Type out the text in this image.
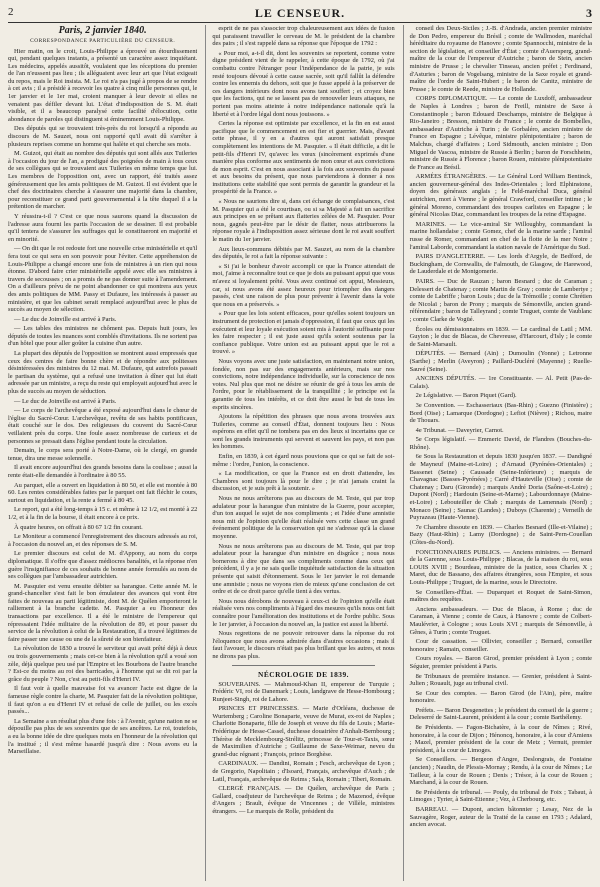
2	LE CENSEUR.	3
Paris, 2 janvier 1840.
CORRESPONDANCE PARTICULIÈRE DU CENSEUR.

Hier matin, on le croit, Louis-Philippe a éprouvé un étourdissement qui, pendant quelques instants, a présenté un caractère assez inquiétant. Les médecins, appelés aussitôt, voulaient que les réceptions du premier de l'an n'eussent pas lieu ; ils alléguaient avec leur art que l'état exigeait du repos, mais le Roi insista. M. Le roi n'a pas jugé à propos de se rendre à cet avis ; il a présidé à recevoir les quatre à cinq mille personnes qui, le 1er janvier et le 1er mai, croient manquer à leur devoir si elles ne venaient pas défiler devant lui. L'état d'indisposition de S. M. était visible, et il a beaucoup paralysé cette facilité d'élocution, cette abondance de paroles qui distinguent si éminemment Louis-Philippe.

Des députés qui se trouvaient très-près du roi lorsqu'il a répondu au discours de M. Sauzet, nous ont rapporté qu'il avait dû s'arrêter à plusieurs reprises comme un homme qui halète et qui cherche ses mots.

M. Guizot, qui était au nombre des députés qui sont allés aux Tuileries à l'occasion du jour de l'an, a prodigué des poignées de main à tous ceux de ses collègues qui se trouvaient aux Tuileries en même temps que lui. Les membres de l'opposition ont, avec un rapport, été traités assez généreusement que les amis politiques de M. Guizot. Il est évident que le chef des doctrinaires cherche à s'assurer une majorité dans la chambre, pour reconstituer ce grand parti gouvernemental à la tête duquel il a la prétention de marcher.

Y réussira-t-il ? C'est ce que nous saurons quand la discussion de l'adresse aura fourni les partis l'occasion de se dessiner. Il est probable qu'il tentera de s'assurer les suffrages qui le constitueront en majorité et en minorité.

— On dit que le roi redoute fort une nouvelle crise ministérielle et qu'il fera tout ce qui sera en son pouvoir pour l'éviter. Cette appréhension de Louis-Philippe a changé encore une fois de ministres à un rien qui nous étonne. D'abord faire crier ministérielle appelé avec elle ses ministres à travers de secousses ; on a promis de ne pas donner suite à l'amendement. On a d'ailleurs prévu de ne point abandonner ce qui montrera aux yeux des amis politiques de MM. Passy et Dufaure, les intéressés à passer au ministère, et que les cabinet serait remplacé aujourd'hui avec le plus de succès au moyen de sélection.

— Le duc de Joinville est arrivé à Paris.

— Les tables des ministres ne chôment pas. Depuis huit jours, les députés de toutes les nuances sont comblés d'invitations. Ils ne sortent pas d'un hôtel que pour aller goûter la cuisine d'un autre.

La plupart des députés de l'opposition se montrent aussi empressés que ceux des centres de faire bonne chère et de répondre aux politesses désintéressées des ministres du 12 mai. M. Dufaure, qui autrefois passait le partisan du système, qui a refusé une invitation à dîner qui lui était adressée par un ministre, a reçu du reste qui employait aujourd'hui avec le plus de succès au moyen de séduction.

— Le duc de Joinville est arrivé à Paris.

— Le corps de l'archevêque a été exposé aujourd'hui dans le chœur de l'église du Sacré-Cœur. L'archevêque, revêtu de ses habits pontificaux, était couché sur le dos. Des religieuses du couvent du Sacré-Cœur veillaient près du corps. Une foule assez nombreuse de curieux et de personnes se pressait dans l'église pendant toute la circulation.

Demain, le corps sera porté à Notre-Dame, où le clergé, en grande tenue, dira une messe solennelle.

Il avait encore aujourd'hui des grands besoins dans la coulisse ; aussi la rente était-elle demandée à l'ordinaire à 80 55.

Au parquet, elle a ouvert en liquidation à 80 50, et elle est montée à 80 60. Les rentes considérables faites par le parquet ont fait fléchir le cours, surtout en liquidation, et la rente a fermé à 80 45.

Le report, qui a été long-temps à 15 c. et même à 12 1/2, est monté à 22 1/2, et à la fin de la bourse, il était encore à ce prix.

À quatre heures, on offrait à 80 67 1/2 fin courant.

Le Moniteur a commencé l'enregistrement des discours adressés au roi, à l'occasion du nouvel an, et des réponses de S. M.

Le premier discours est celui de M. d'Appony, au nom du corps diplomatique. Il s'offre que d'assez médiocres banalités, et la réponse n'en guère l'insignifiance de ces souhaits de bonne année formulés au nom de ses collègues par l'ambassadeur autrichien.

M. Pasquier est venu ensuite débiter sa harangue. Cette année M. le grand-chancelier s'est fait le bon émulateur des avances qui vont être faites de nouveau au parti légitimiste, dont M. de Quélen emporteront le ralliement à la branche cadette. M. Pasquier a eu l'honneur des transactions par excellence. Il a été le ministre de l'empereur qui répressaient l'idée militaire de la révolution de 89, et pour passer du service de la révolution à celui de la Restauration, il a trouvé légitimes de faire passer une cause ou une de la sûreté de son bienfaiteur.

La révolution de 1830 a trouvé le serviteur qui avait prêté déjà à deux ou trois gouvernements ; mais cet-ce bien à la révolution qu'il a voué son zèle, déjà quelque peu usé par l'Empire et les Bourbons de l'autre branche ? Est-ce du moins au roi des barricades, à l'homme qui se dit roi par la grâce du peuple ? Non, c'est au petit-fils d'Henri IV.

Il faut voir à quelle mauvaise foi va avancer l'acte est digne de la fameuse règle contre la charte, M. Pasquier fait de la révolution politique, il faut qu'on a eu d'Henri IV et refusé de celle de juillet, ou les excès passés...

La Semaine a un résultat plus d'une fois : à l'Avenir, qu'une nation ne se dépouille pas plus de ses souvenirs que de ses ancêtres. Le roi, toutefois, a eu la bonne idée de dire quelques mots en l'honneur de la révolution qui l'a institué ; il s'est même hasardé jusqu'à dire : Nous avons eu la Marseillaise.

esprit de ne pas s'associer trop chaleureusement aux idées de fusion qui paraissent travailler le cerveau de M. le président de la chambre des pairs ; il s'est rappelé dans sa réponse que l'époque de 1792 :

« Pour moi, a-t-il dit, dont les souvenirs se reportent, comme votre digne président vient de le rappeler, à cette époque de 1792, où j'ai combattu contre l'étranger pour l'indépendance de la patrie, je suis resté toujours dévoué à cette cause sacrée, soit qu'il fallût la défendre contre les ennemis du dehors, soit que je fusse appelé à la préserver de ces dangers intérieurs dont nous avons tant souffert ; et croyez bien que les factions, qui ne se lassent pas de renouveler leurs attaques, ne portent pas moins atteinte à notre indépendance nationale qu'à la liberté et à l'ordre légal dont nous jouissons. »

Certes la réponse est optimiste par excellence, et la fin en est aussi pacifique que le commencement en est fier et guerrier. Mais, d'avant cette phrase, il y en a d'autres qui auront satisfait presque complètement les intentions de M. Pasquier. « Il était difficile, a dit le petit-fils d'Henri IV, qu'avec les vœux (sincèrement exprimés d'une manière plus conforme aux sentiments de mon cœur et aux convictions de mon esprit. C'est en nous associant à la fois aux souvenirs du passé et aux besoins du présent, que nous parviendrons à donner à nos institutions cette stabilité que sont permis de garantir la grandeur et la prospérité de la France. »

« Nous ne saurions dire si, dans cet échange de complaisances, c'est M. Pasquier qui a été le courtisan, ou si sa Majesté a fait un sacrifice aux principes en se prêtant aux flatteries zélées de M. Pasquier. Pour nous, gagnés peut-être par le désir de flatter, nous attribuerons la réponse royale à l'indisposition assez sérieuse dont le roi avait souffert le matin du 1er janvier.

Aux lieux-communs débités par M. Sauzet, au nom de la chambre des députés, le roi a fait la réponse suivante :

« Si j'ai le bonheur d'avoir accompli ce que la France attendait de moi, j'aime à reconnaître tout ce que je dois au puissant appui que vous m'avez si loyalement prêté. Vous avez continué cet appui, Messieurs, car, si nous avons été assez heureux pour triompher des dangers passés, c'est une raison de plus pour prévenir à l'avenir dans la voie que nous en a préservés. »

« Pour que les lois soient efficaces, pour qu'elles soient toujours un instrument de protection et jamais d'oppression, il faut que ceux qui les exécutent et leur loyale exécution soient mis à l'autorité suffisante pour les faire respecter ; il est juste aussi qu'ils soient soutenus par la confiance publique. Votre union est au puissant appui que le roi a trouvé. »

Nous voyons avec une juste satisfaction, en maintenant notre union, fondée, non pas sur des engagements antérieurs, mais sur nos convictions, notre indépendance individuelle, sur la conscience de nos votes. Nul plus que moi ne désire se réunir de gré à tous les amis de l'ordre, pour le rétablissement de la tranquillité ; le principe est la garantie de tous les intérêts, et ce doit être aussi le but de tous les esprits sincères.

Ajoutons la répétition des phrases que nous avons trouvées aux Tuileries, comme au conseil d'État, donnent toujours lieu : Nous espérons en effet qu'il ne tombera pas en des lieux si incertains que ce sont les grands instruments qui servent et sauvent les pays, et non pas les hommes.

Enfin, en 1839, à cet égard nous pouvions que ce qui se fait de soi-même : l'ordre, l'union, la conscience.

« La modification, ce que la France est en droit d'attendre, les Chambres sont toujours là pour le dire ; je n'ai jamais craint la discussion, et je suis prêt à la soutenir. »

Nous ne nous arrêterons pas au discours de M. Teste, qui par trop adulateur pour la harangue d'un ministre de la Guerre, pour accepter, d'un ton auquel le sujet de nos compliments ; et l'idée d'une amnistie nous mit de l'opinion qu'elle était réalisée vers cette classe un grand événement politique de la conservation qui ne s'adresse qu'à la classe moyenne.

Nous ne nous arrêterons pas au discours de M. Teste, qui par trop adulateur pour la harangue d'un ministre en disgrâce ; nous nous bornerons à dire que dans ses compliments comme dans ceux qui précèdent, il y a je ne sais quelle inquiétude satisfaction de la situation présente qui saisit d'étonnement. Sous le 1er janvier le roi demande une amnistie ; nous ne voyons rien de mieux qu'une conclusion de cet ordre et de ce droit parce qu'elle tient à des vertus.

Nous nous dérobons de nouveau à ceux-ci de l'opinion qu'elle était réalisée vers nos compliments à l'égard des mesures qu'ils nous ont fait connaître pour l'amélioration des institutions et de l'ordre public. Sous le 1er janvier, à l'occasion du nouvel an, la justice est aussi la liberté.

Nous regrettons de ne pouvoir retrouver dans la réponse du roi l'éloquence que nous avons admirée dans d'autres occasions ; mais il faut l'avouer, le discours n'était pas plus brillant que les autres, et nous ne dirons pas plus.

NÉCROLOGIE DE 1839.

SOUVERAINS. — Mahmoud-Khan II, empereur de Turquie ; Frédéric VI, roi de Danemark ; Louis, landgrave de Hesse-Hombourg ; Runjeet-Singh, roi de Lahore.

PRINCES ET PRINCESSES. — Marie d'Orléans, duchesse de Wurtemberg ; Caroline Bonaparte, veuve de Murat, ex-roi de Naples ; Charlotte Bonaparte, fille de Joseph et veuve du fils de Louis ; Marie-Frédérique de Hesse-Cassel, duchesse douairière d'Anhalt-Bernbourg ; Thérèse de Mecklembourg-Strélitz, princesse de Tour-et-Taxis, sœur de Maximilien d'Autriche ; Guillaume de Saxe-Weimar, neveu du grand-duc régnant ; François, prince Borghèse.

CARDINAUX. — Dandini, Romain ; Fesch, archevêque de Lyon ; de Gregorio, Napolitain ; d'Isoard, Français, archevêque d'Auch ; de Latil, Français, archevêque de Reims ; Sala, Romain ; Tiberi, Romain.

CLERGÉ FRANÇAIS. — De Quélen, archevêque de Paris ; Gallard, coadjuteur de l'archevêque de Reims ; de Mazenod, évêque d'Angers ; Brault, évêque de Vincennes ; de Villèle, ministres étrangers. — Le marquis de Rolle, président du

conseil des Deux-Siciles ; J.-B. d'Andrada, ancien premier ministre de Don Pedro, empereur du Brésil ; comte de Wallmoden, maréchal héréditaire du royaume de Hanovre ; comte Spannocchi, ministre de la section de législation, et conseiller d'État ; comte d'Auersperg, grand-maître de la cour de l'empereur d'Autriche ; baron de Stein, ancien ministre de Prusse ; le chevalier Tinseau, ancien préfet ; Ferdinand, d'Asturies ; baron de Vogelsang, ministre de la Saxe royale et grand-maître de l'ordre de Saint-Hubert ; le baron de Canitz, ministre de Prusse ; le comte de Reede, ministre de Hollande.

CORPS DIPLOMATIQUE. — Le comte de Luxdoff, ambassadeur de Naples à Londres ; baron de Freill, ministre de Saxe à Constantinople ; baron Edouard Deschamps, ministre de Belgique à Rio-Janeiro ; Bresson, ministre de France ; le comte de Bombelles, ambassadeur d'Autriche à Turin ; de Gorbaléro, ancien ministre de France en Espagne ; Lévêque, ministre plénipotentiaire ; baron de Malchus, chargé d'affaires ; Lord Sidmouth, ancien ministre ; Don Miguel de Vascoa, ministre de Russie à Berlin ; baron de Forschheim, ministre de Russie à Florence ; baron Rouen, ministre plénipotentiaire de France au Brésil.

ARMÉES ÉTRANGÈRES. — Le Général Lord William Bentinck, ancien gouverneur-général des Indes-Orientales ; lord Elphinstone, doyen des généraux anglais ; le Feld-maréchal Duca, général autrichien, mort à Vienne ; le général Crawford, conseiller intime ; le général Moreno, commandant des troupes carlistes en Espagne ; le général Nicolas Diaz, commandant les troupes de la reine d'Espagne.

MARINES. — Le vice-amiral Sir Willoughby, commandant la marine hollandaise ; comte Gomez, chef de la marine sarde ; l'amiral russe de Romer, commandant en chef de la flotte de la mer Noire ; l'amiral Laborde, commandant la station navale de l'Amérique du Sud.

PAIRS D'ANGLETERRE. — Les lords d'Argyle, de Bedford, de Buckingham, de Cornwallis, de Falmouth, de Glasgow, de Harewood, de Lauderdale et de Montgomerie.

PAIRS. — Duc de Rauzan ; baron Besnard ; duc de Caraman ; Delessert de Chatenay ; comte Martin de Gray ; comte de Lambertye ; comte de Labriffe ; baron Louis ; duc de la Trémoille ; comte Chrétien de Nicolaï ; baron de Prony ; marquis de Sémonville, ancien grand-référendaire ; baron de Talleyrand ; comte Truguet, comte de Vaublanc ; comte Clarke de Vogüé.

Écoles ou démissionnaires en 1839. — Le cardinal de Latil ; MM. Guyton ; le duc de Blacas, de Chevreuse, d'Harcourt, d'Isly ; le comte de Saint-Marsault.

DÉPUTÉS. — Bernard (Ain) ; Dumoulin (Yonne) ; Letronne (Sarthe) ; Merlin (Aveyron) ; Paillard-Ducléré (Mayenne) ; Ruelle-Sauvé (Seine).

ANCIENS DÉPUTÉS. — 1re Constituante. — Al. Petit (Pas-de-Calais).

2e Législative. — Baron Piquet (Gard).

3e Convention. — Eschasseriaux (Bas-Rhin) ; Guezno (Finistère) ; Bord (Oise) ; Lamarque (Dordogne) ; Lefiot (Nièvre) ; Richou, maire de Thouars.

4e Tribunat. — Daveyrier, Carnot.

5e Corps législatif. — Emmeric David, de Flandres (Bouches-du-Rhône).

6e Sous la Restauration et depuis 1830 jusqu'en 1837. — Dandigné de Mayneuf (Maine-et-Loire) ; d'Arnaud (Pyrénées-Orientales) ; Bassenet (Seine) ; Caussade (Seine-Inférieure) ; marquis de Chavagnac (Basses-Pyrénées) ; Carré d'Hauteville (Oise) ; comte de Chatenay ; Daru (Gironde) ; marquis André Doria (Saône-et-Loire) ; Dupont (Nord) ; Hardouin (Seine-et-Marne) ; Labourdonnaye (Maine-et-Loire) ; Lebouteiller de Chab ; marquis de Lamennais (Nord) ; Monaco (Seine) ; Saunac (Landes) ; Duboys (Charente) ; Verneilh de Puyrazeau (Haute-Vienne).

7e Chambre dissoute en 1839. — Charles Besnard (Ille-et-Vilaine) ; Bazy (Haut-Rhin) ; Lamy (Dordogne) ; de Saint-Pern-Couellan (Côtes-du-Nord).

FONCTIONNAIRES PUBLICS. — Anciens ministres. — Bernard de la Garenne, sous Louis-Philippe ; Blacas, de la maison du roi, sous LOUIS XVIII ; Bourdeau, ministre de la justice, sous Charles X ; Maret, duc de Bassano, des affaires étrangères, sous l'Empire, et sous Louis-Philippe ; Truguet, de la marine, sous le Directoire.

Se Conseillers-d'État. — Duparquet et Roquet de Saint-Simon, maîtres des requêtes.

Anciens ambassadeurs. — Duc de Blacas, à Rome ; duc de Caraman, à Vienne ; comte de Caux, à Hanovre ; comte de Colbert-Maulévrier, à Cologne ; sous Louis XVI ; marquis de Sémonville, à Gênes, à Turin ; comte Truguet.

Cour de cassation. — Ollivier, conseiller ; Bernard, conseiller honoraire ; Ramain, conseiller.

Cours royales. — Baron Girod, premier président à Lyon ; comte Séguier, premier président à Paris.

8e Tribunaux de première instance. — Grenier, président à Saint-Julien ; Rouault, juge au tribunal civil.

Se Cour des comptes. — Baron Girod (de l'Ain), père, maître honoraire.

Préfets. — Baron Desgenettes ; le président du conseil de la guerre ; Deleserré de Saint-Laurent, président à la cour ; comte Barthélemy.

8e Présidents. — Fagon-Bichatère, à la cour de Nîmes ; Rivé, honoraire, à la cour de Dijon ; Hénoncq, honoraire, à la cour d'Amiens ; Mazel, premier président de la cour de Metz ; Vernuit, premier président, à la cour de Limoges.

Se Conseillers. — Bergeon d'Angre, Deslongrais, de Fontaine (ancien) ; Naudin, de Plessis-Mornay ; Rendu, à la cour de Nîmes ; Le Tailleur, à la cour de Rouen ; Denis ; Trésor, à la cour de Rouen ; Marchand, à la cour de Rouen.

8e Présidents de tribunal. — Pouly, du tribunal de Foix ; Tabaut, à Limoges ; Tyrier, à Saint-Etienne ; Vez, à Cherbourg, etc.

BARREAU. — Dupont, ancien bâtonnier ; Lesay, Nez de la Sauvagère, Roger, auteur de la Traité de la cause en 1793 ; Adalard, ancien avocat.
